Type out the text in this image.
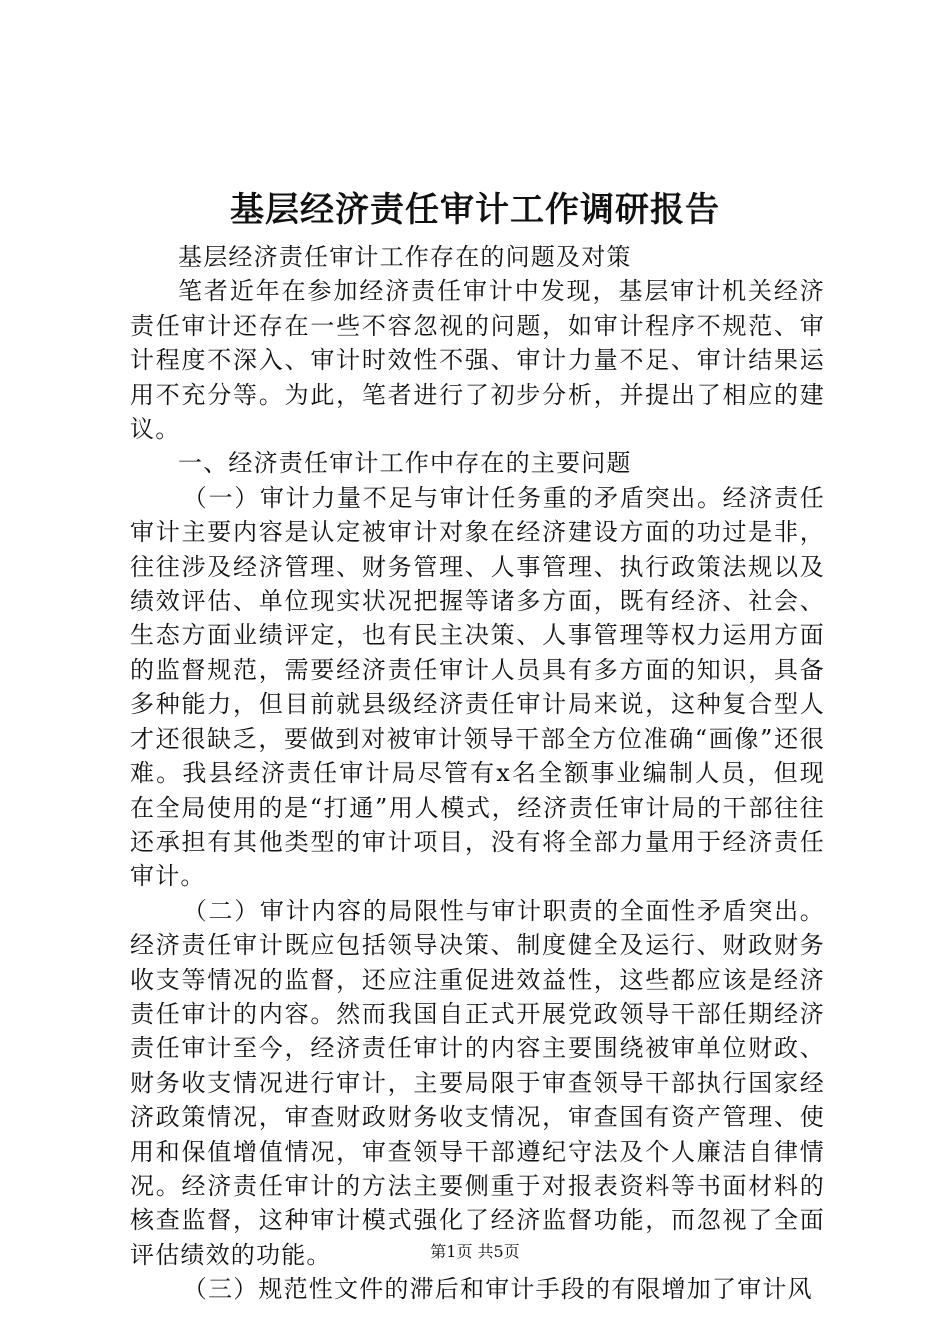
基层经济责任审计工作调研报告

基层经济责任审计工作存在的问题及对策

笔者近年在参加经济责任审计中发现，基层审计机关经济责任审计还存在一些不容忽视的问题，如审计程序不规范、审计程度不深入、审计时效性不强、审计力量不足、审计结果运用不充分等。为此，笔者进行了初步分析，并提出了相应的建议。

一、经济责任审计工作中存在的主要问题

（一）审计力量不足与审计任务重的矛盾突出。经济责任审计主要内容是认定被审计对象在经济建设方面的功过是非，往往涉及经济管理、财务管理、人事管理、执行政策法规以及绩效评估、单位现实状况把握等诸多方面，既有经济、社会、生态方面业绩评定，也有民主决策、人事管理等权力运用方面的监督规范，需要经济责任审计人员具有多方面的知识，具备多种能力，但目前就县级经济责任审计局来说，这种复合型人才还很缺乏，要做到对被审计领导干部全方位准确“画像”还很难。我县经济责任审计局尽管有x名全额事业编制人员，但现在全局使用的是“打通”用人模式，经济责任审计局的干部往往还承担有其他类型的审计项目，没有将全部力量用于经济责任审计。

（二）审计内容的局限性与审计职责的全面性矛盾突出。经济责任审计既应包括领导决策、制度健全及运行、财政财务收支等情况的监督，还应注重促进效益性，这些都应该是经济责任审计的内容。然而我国自正式开展党政领导干部任期经济责任审计至今，经济责任审计的内容主要围绕被审单位财政、财务收支情况进行审计，主要局限于审查领导干部执行国家经济政策情况，审查财政财务收支情况，审查国有资产管理、使用和保值增值情况，审查领导干部遵纪守法及个人廉洁自律情况。经济责任审计的方法主要侧重于对报表资料等书面材料的核查监督，这种审计模式强化了经济监督功能，而忽视了全面评估绩效的功能。

（三）规范性文件的滞后和审计手段的有限增加了审计风

第1页 共5页
